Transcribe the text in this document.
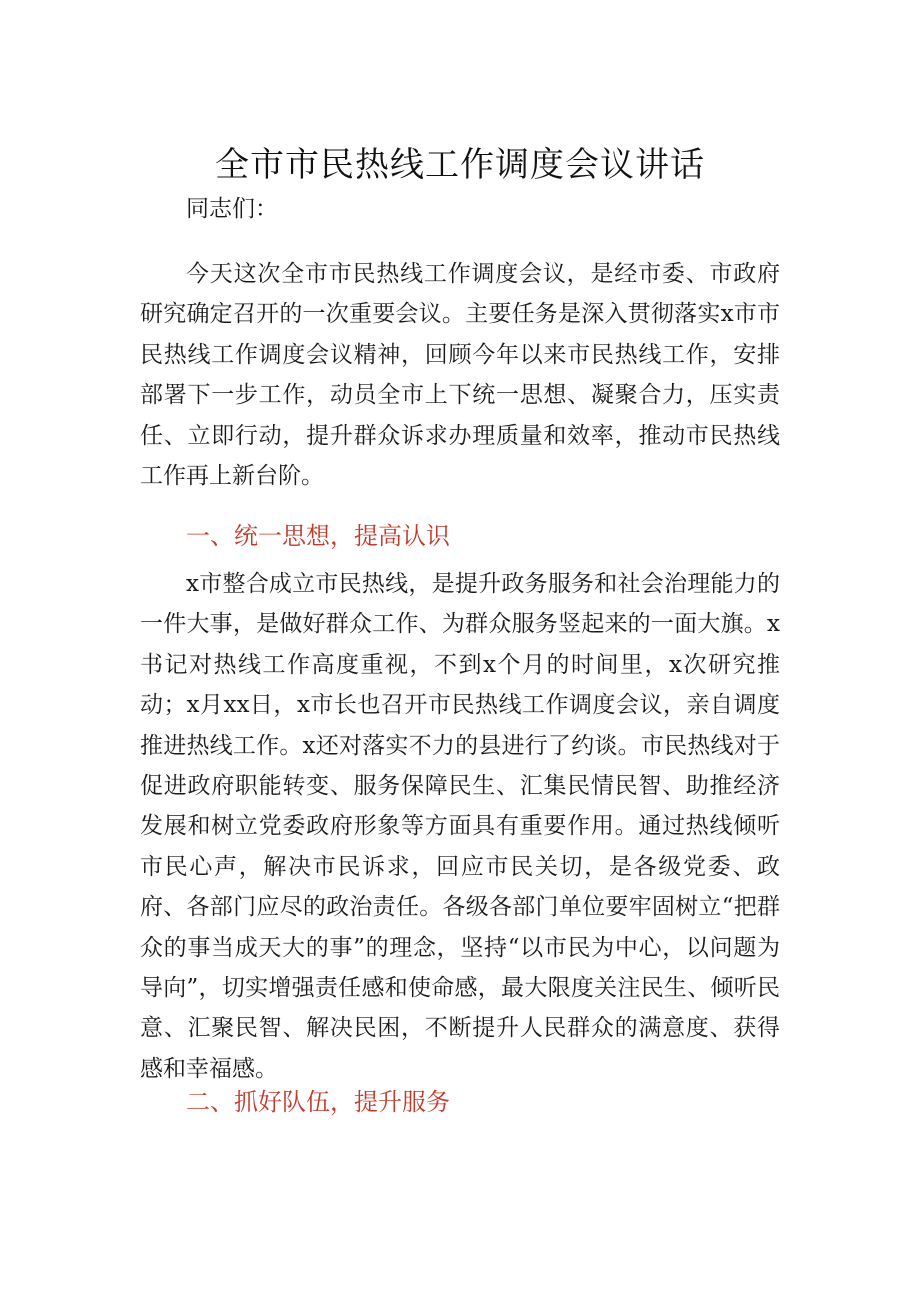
全市市民热线工作调度会议讲话

同志们：

今天这次全市市民热线工作调度会议，是经市委、市政府研究确定召开的一次重要会议。主要任务是深入贯彻落实x市市民热线工作调度会议精神，回顾今年以来市民热线工作，安排部署下一步工作，动员全市上下统一思想、凝聚合力，压实责任、立即行动，提升群众诉求办理质量和效率，推动市民热线工作再上新台阶。

一、统一思想，提高认识

x市整合成立市民热线，是提升政务服务和社会治理能力的一件大事，是做好群众工作、为群众服务竖起来的一面大旗。x书记对热线工作高度重视，不到x个月的时间里，x次研究推动；x月xx日，x市长也召开市民热线工作调度会议，亲自调度推进热线工作。x还对落实不力的县进行了约谈。市民热线对于促进政府职能转变、服务保障民生、汇集民情民智、助推经济发展和树立党委政府形象等方面具有重要作用。通过热线倾听市民心声，解决市民诉求，回应市民关切，是各级党委、政府、各部门应尽的政治责任。各级各部门单位要牢固树立“把群众的事当成天大的事”的理念，坚持“以市民为中心，以问题为导向”，切实增强责任感和使命感，最大限度关注民生、倾听民意、汇聚民智、解决民困，不断提升人民群众的满意度、获得感和幸福感。

二、抓好队伍，提升服务
